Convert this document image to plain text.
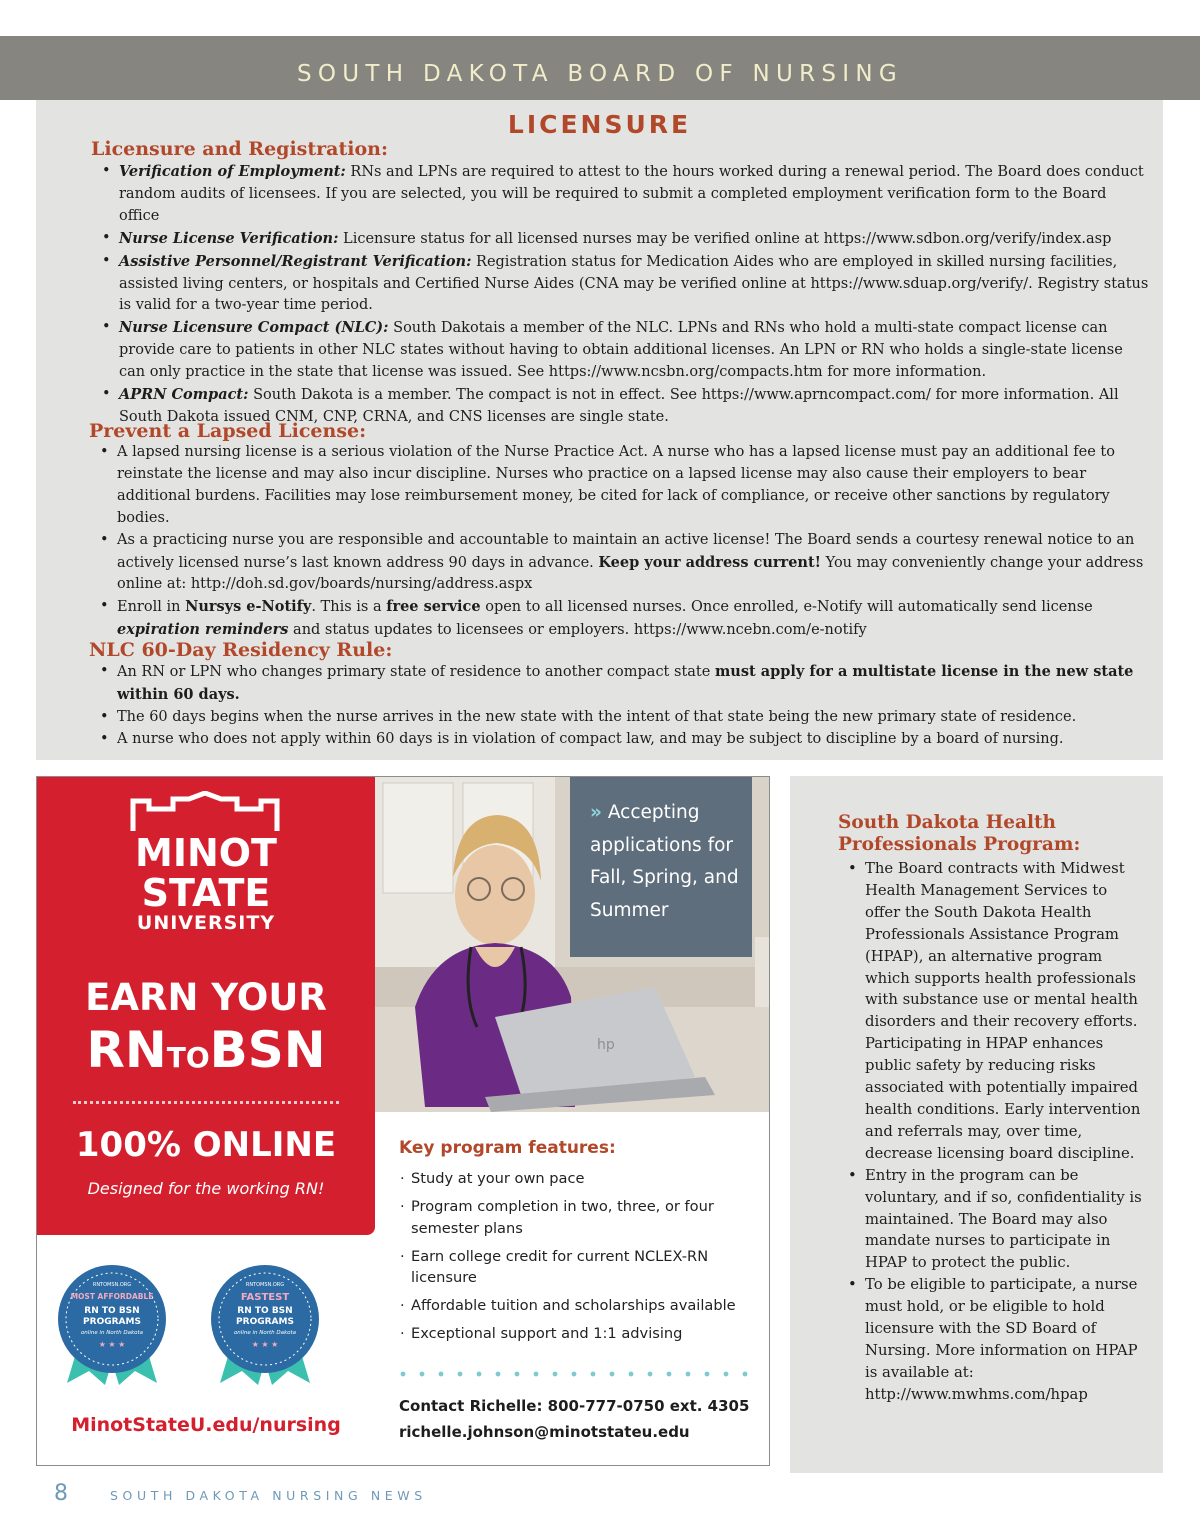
SOUTH DAKOTA BOARD OF NURSING
LICENSURE
Licensure and Registration:
• Verification of Employment: RNs and LPNs are required to attest to the hours worked during a renewal period. The Board does conduct random audits of licensees. If you are selected, you will be required to submit a completed employment verification form to the Board office
• Nurse License Verification: Licensure status for all licensed nurses may be verified online at https://www.sdbon.org/verify/index.asp
• Assistive Personnel/Registrant Verification: Registration status for Medication Aides who are employed in skilled nursing facilities, assisted living centers, or hospitals and Certified Nurse Aides (CNA may be verified online at https://www.sduap.org/verify/. Registry status is valid for a two-year time period.
• Nurse Licensure Compact (NLC): South Dakotais a member of the NLC. LPNs and RNs who hold a multi-state compact license can provide care to patients in other NLC states without having to obtain additional licenses. An LPN or RN who holds a single-state license can only practice in the state that license was issued. See https://www.ncsbn.org/compacts.htm for more information.
• APRN Compact: South Dakota is a member. The compact is not in effect. See https://www.aprncompact.com/ for more information. All South Dakota issued CNM, CNP, CRNA, and CNS licenses are single state.
Prevent a Lapsed License:
• A lapsed nursing license is a serious violation of the Nurse Practice Act. A nurse who has a lapsed license must pay an additional fee to reinstate the license and may also incur discipline. Nurses who practice on a lapsed license may also cause their employers to bear additional burdens. Facilities may lose reimbursement money, be cited for lack of compliance, or receive other sanctions by regulatory bodies.
• As a practicing nurse you are responsible and accountable to maintain an active license! The Board sends a courtesy renewal notice to an actively licensed nurse’s last known address 90 days in advance. Keep your address current! You may conveniently change your address online at: http://doh.sd.gov/boards/nursing/address.aspx
• Enroll in Nursys e-Notify. This is a free service open to all licensed nurses. Once enrolled, e-Notify will automatically send license expiration reminders and status updates to licensees or employers. https://www.ncebn.com/e-notify
NLC 60-Day Residency Rule:
• An RN or LPN who changes primary state of residence to another compact state must apply for a multistate license in the new state within 60 days.
• The 60 days begins when the nurse arrives in the new state with the intent of that state being the new primary state of residence.
• A nurse who does not apply within 60 days is in violation of compact law, and may be subject to discipline by a board of nursing.
MINOT
STATE
UNIVERSITY
EARN YOUR
RNTOBSN
100% ONLINE
Designed for the working RN!
hp
» Accepting applications for Fall, Spring, and Summer
Key program features:
· Study at your own pace
· Program completion in two, three, or four semester plans
· Earn college credit for current NCLEX-RN licensure
· Affordable tuition and scholarships available
· Exceptional support and 1:1 advising
Contact Richelle: 800-777-0750 ext. 4305
richelle.johnson@minotstateu.edu
RNTOMSN.ORG
MOST AFFORDABLE
RN TO BSN
PROGRAMS
online in North Dakota
★ ★ ★
RNTOMSN.ORG
FASTEST
RN TO BSN
PROGRAMS
online in North Dakota
★ ★ ★
MinotStateU.edu/nursing
South Dakota Health Professionals Program:
• The Board contracts with Midwest Health Management Services to offer the South Dakota Health Professionals Assistance Program (HPAP), an alternative program which supports health professionals with substance use or mental health disorders and their recovery efforts. Participating in HPAP enhances public safety by reducing risks associated with potentially impaired health conditions. Early intervention and referrals may, over time, decrease licensing board discipline.
• Entry in the program can be voluntary, and if so, confidentiality is maintained. The Board may also mandate nurses to participate in HPAP to protect the public.
• To be eligible to participate, a nurse must hold, or be eligible to hold licensure with the SD Board of Nursing. More information on HPAP is available at: http://www.mwhms.com/hpap
8	SOUTH DAKOTA NURSING NEWS
